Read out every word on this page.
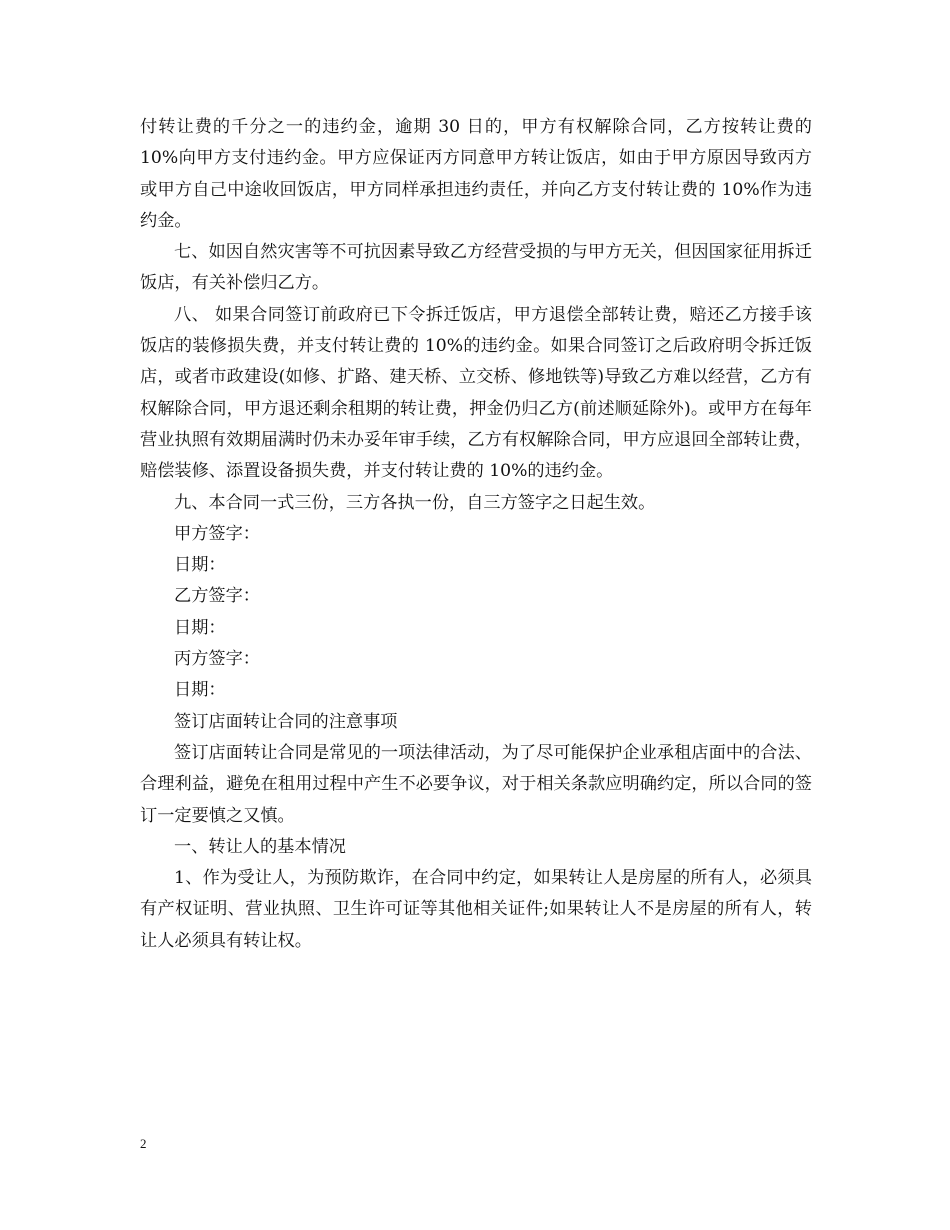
付转让费的千分之一的违约金，逾期 30 日的，甲方有权解除合同，乙方按转让费的 10%向甲方支付违约金。甲方应保证丙方同意甲方转让饭店，如由于甲方原因导致丙方或甲方自己中途收回饭店，甲方同样承担违约责任，并向乙方支付转让费的 10%作为违约金。

七、如因自然灾害等不可抗因素导致乙方经营受损的与甲方无关，但因国家征用拆迁饭店，有关补偿归乙方。

八、 如果合同签订前政府已下令拆迁饭店，甲方退偿全部转让费，赔还乙方接手该饭店的装修损失费，并支付转让费的 10%的违约金。如果合同签订之后政府明令拆迁饭店，或者市政建设(如修、扩路、建天桥、立交桥、修地铁等)导致乙方难以经营，乙方有权解除合同，甲方退还剩余租期的转让费，押金仍归乙方(前述顺延除外)。或甲方在每年营业执照有效期届满时仍未办妥年审手续，乙方有权解除合同，甲方应退回全部转让费，赔偿装修、添置设备损失费，并支付转让费的 10%的违约金。

九、本合同一式三份，三方各执一份，自三方签字之日起生效。

甲方签字：

日期：

乙方签字：

日期：

丙方签字：

日期：

签订店面转让合同的注意事项

签订店面转让合同是常见的一项法律活动，为了尽可能保护企业承租店面中的合法、合理利益，避免在租用过程中产生不必要争议，对于相关条款应明确约定，所以合同的签订一定要慎之又慎。

一、转让人的基本情况

1、作为受让人，为预防欺诈，在合同中约定，如果转让人是房屋的所有人，必须具有产权证明、营业执照、卫生许可证等其他相关证件;如果转让人不是房屋的所有人，转让人必须具有转让权。

2
